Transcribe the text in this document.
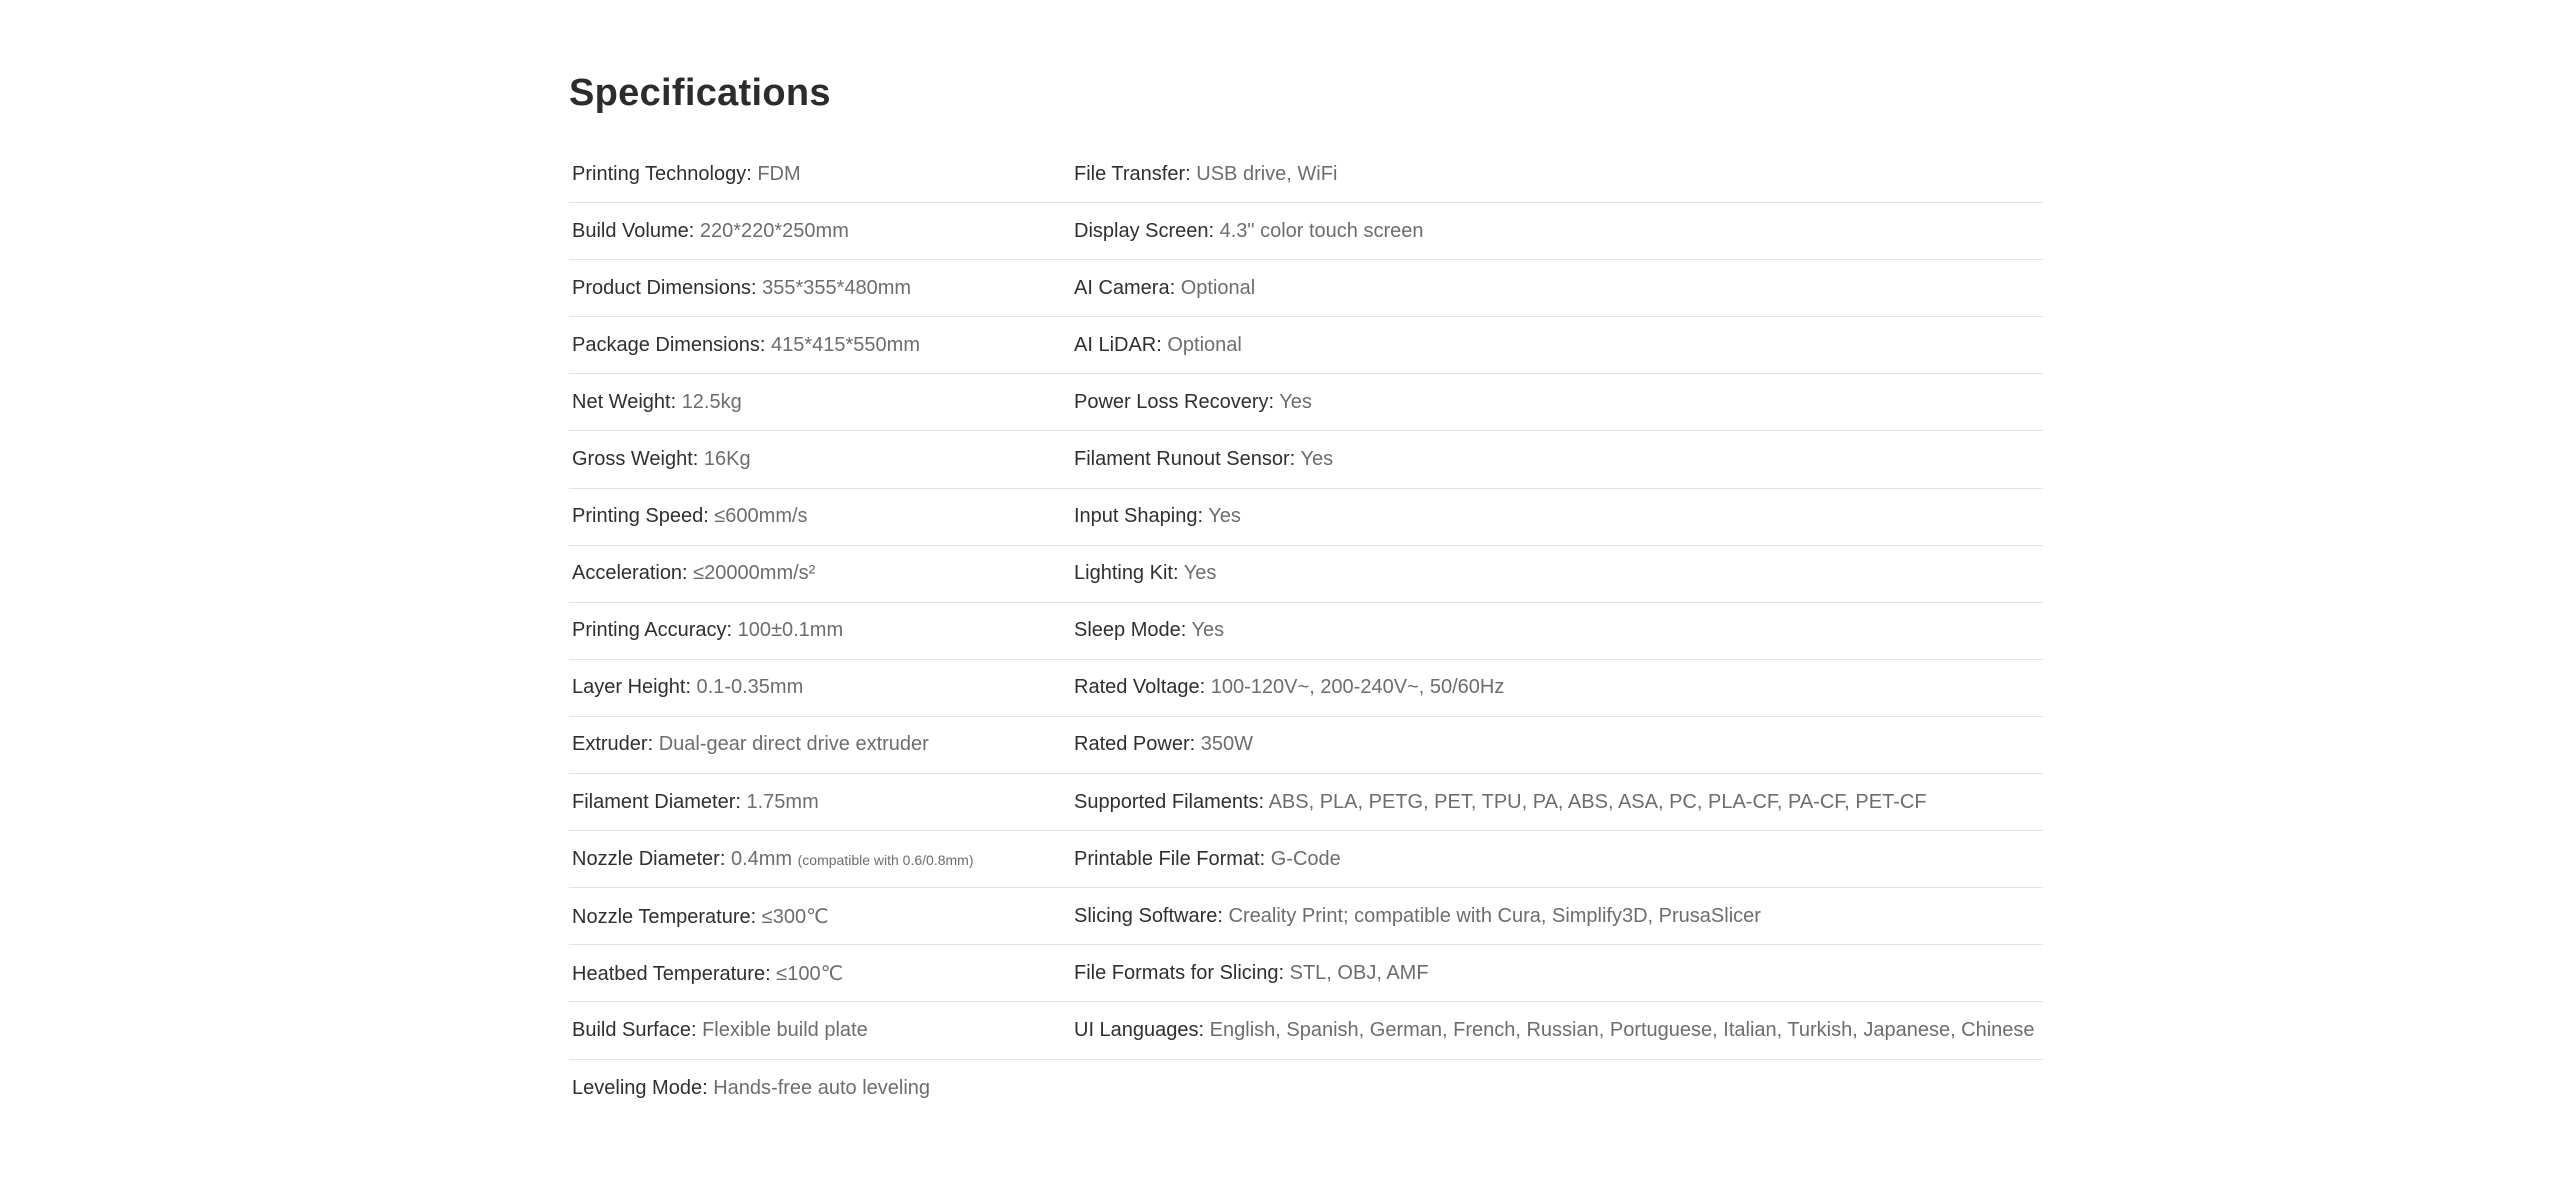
Specifications
Printing Technology: FDM	File Transfer: USB drive, WiFi
Build Volume: 220*220*250mm	Display Screen: 4.3" color touch screen
Product Dimensions: 355*355*480mm	AI Camera: Optional
Package Dimensions: 415*415*550mm	AI LiDAR: Optional
Net Weight: 12.5kg	Power Loss Recovery: Yes
Gross Weight: 16Kg	Filament Runout Sensor: Yes
Printing Speed: ≤600mm/s	Input Shaping: Yes
Acceleration: ≤20000mm/s²	Lighting Kit: Yes
Printing Accuracy: 100±0.1mm	Sleep Mode: Yes
Layer Height: 0.1-0.35mm	Rated Voltage: 100-120V~, 200-240V~, 50/60Hz
Extruder: Dual-gear direct drive extruder	Rated Power: 350W
Filament Diameter: 1.75mm	Supported Filaments: ABS, PLA, PETG, PET, TPU, PA, ABS, ASA, PC, PLA-CF, PA-CF, PET-CF
Nozzle Diameter: 0.4mm (compatible with 0.6/0.8mm)	Printable File Format: G-Code
Nozzle Temperature: ≤300℃	Slicing Software: Creality Print; compatible with Cura, Simplify3D, PrusaSlicer
Heatbed Temperature: ≤100℃	File Formats for Slicing: STL, OBJ, AMF
Build Surface: Flexible build plate	UI Languages: English, Spanish, German, French, Russian, Portuguese, Italian, Turkish, Japanese, Chinese
Leveling Mode: Hands-free auto leveling
